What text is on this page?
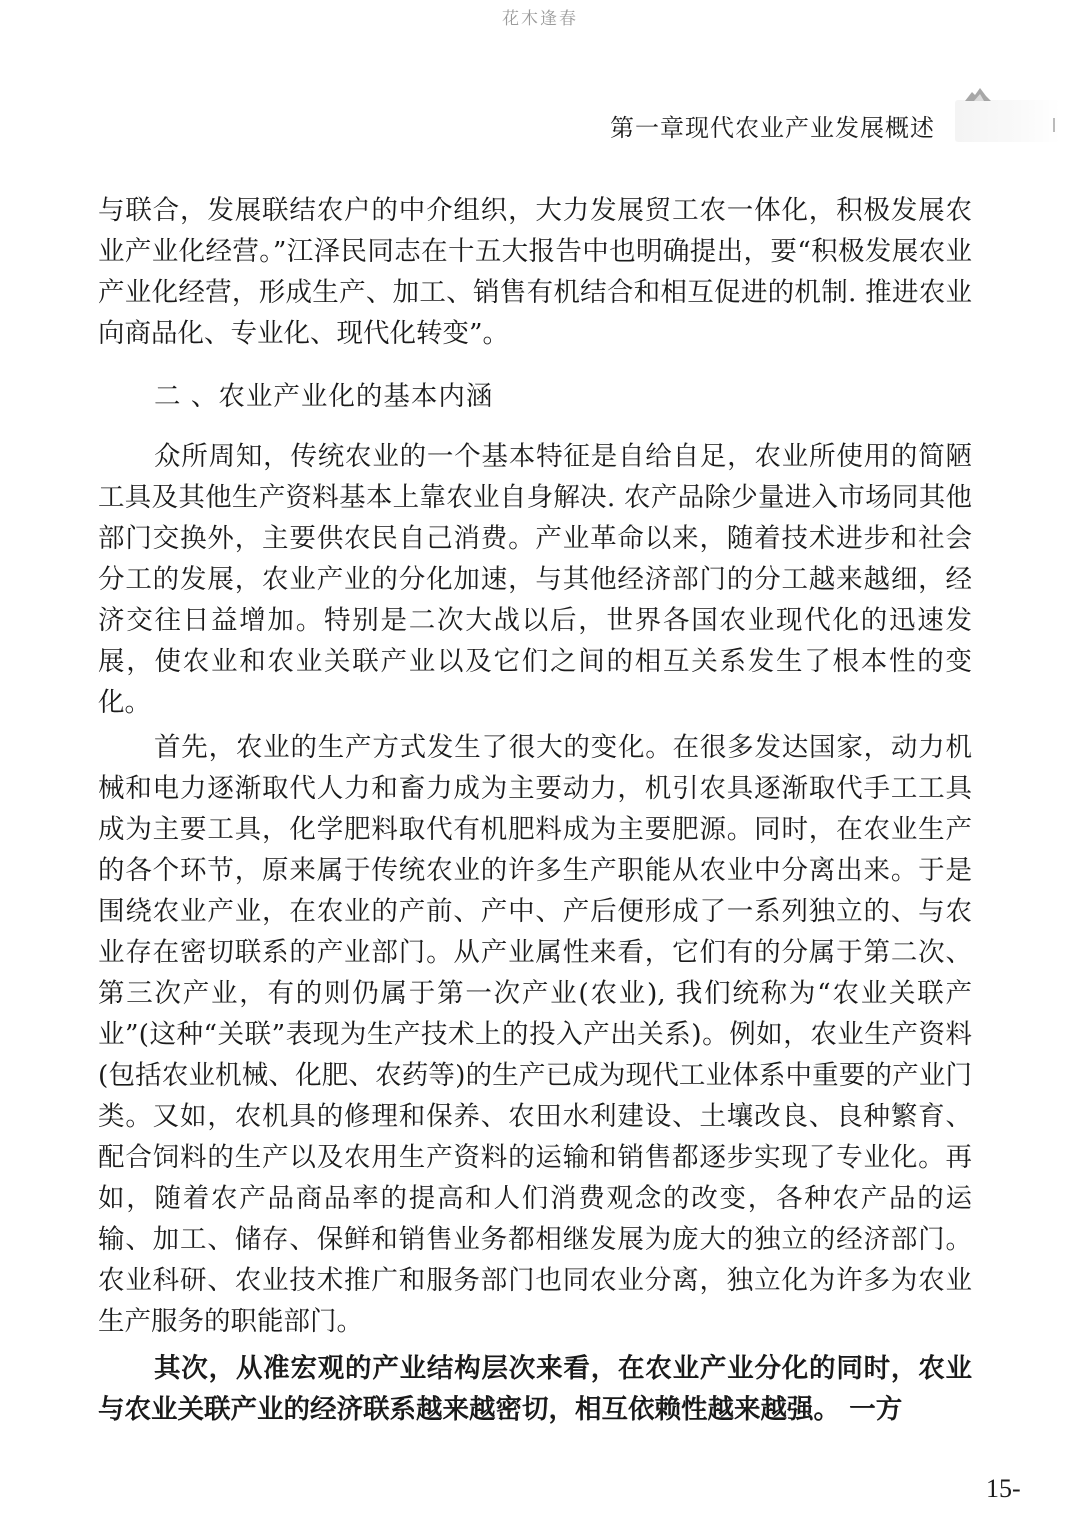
花木逢春
第一章现代农业产业发展概述

与联合，发展联结农户的中介组织，大力发展贸工农一体化，积极发展农业产业化经营。”江泽民同志在十五大报告中也明确提出，要“积极发展农业产业化经营，形成生产、加工、销售有机结合和相互促进的机制. 推进农业向商品化、专业化、现代化转变”。

二 、农业产业化的基本内涵

众所周知，传统农业的一个基本特征是自给自足，农业所使用的简陋工具及其他生产资料基本上靠农业自身解决. 农产品除少量进入市场同其他部门交换外，主要供农民自己消费。产业革命以来，随着技术进步和社会分工的发展，农业产业的分化加速，与其他经济部门的分工越来越细，经济交往日益增加。特别是二次大战以后，世界各国农业现代化的迅速发展，使农业和农业关联产业以及它们之间的相互关系发生了根本性的变化。

首先，农业的生产方式发生了很大的变化。在很多发达国家，动力机械和电力逐渐取代人力和畜力成为主要动力，机引农具逐渐取代手工工具成为主要工具，化学肥料取代有机肥料成为主要肥源。同时，在农业生产的各个环节，原来属于传统农业的许多生产职能从农业中分离出来。于是围绕农业产业，在农业的产前、产中、产后便形成了一系列独立的、与农业存在密切联系的产业部门。从产业属性来看，它们有的分属于第二次、第三次产业，有的则仍属于第一次产业(农业), 我们统称为“农业关联产业”(这种“关联”表现为生产技术上的投入产出关系)。例如，农业生产资料(包括农业机械、化肥、农药等)的生产已成为现代工业体系中重要的产业门类。又如，农机具的修理和保养、农田水利建设、土壤改良、良种繁育、配合饲料的生产以及农用生产资料的运输和销售都逐步实现了专业化。再如，随着农产品商品率的提高和人们消费观念的改变，各种农产品的运输、加工、储存、保鲜和销售业务都相继发展为庞大的独立的经济部门。农业科研、农业技术推广和服务部门也同农业分离，独立化为许多为农业生产服务的职能部门。

其次，从准宏观的产业结构层次来看，在农业产业分化的同时，农业与农业关联产业的经济联系越来越密切，相互依赖性越来越强。 一方

15-
